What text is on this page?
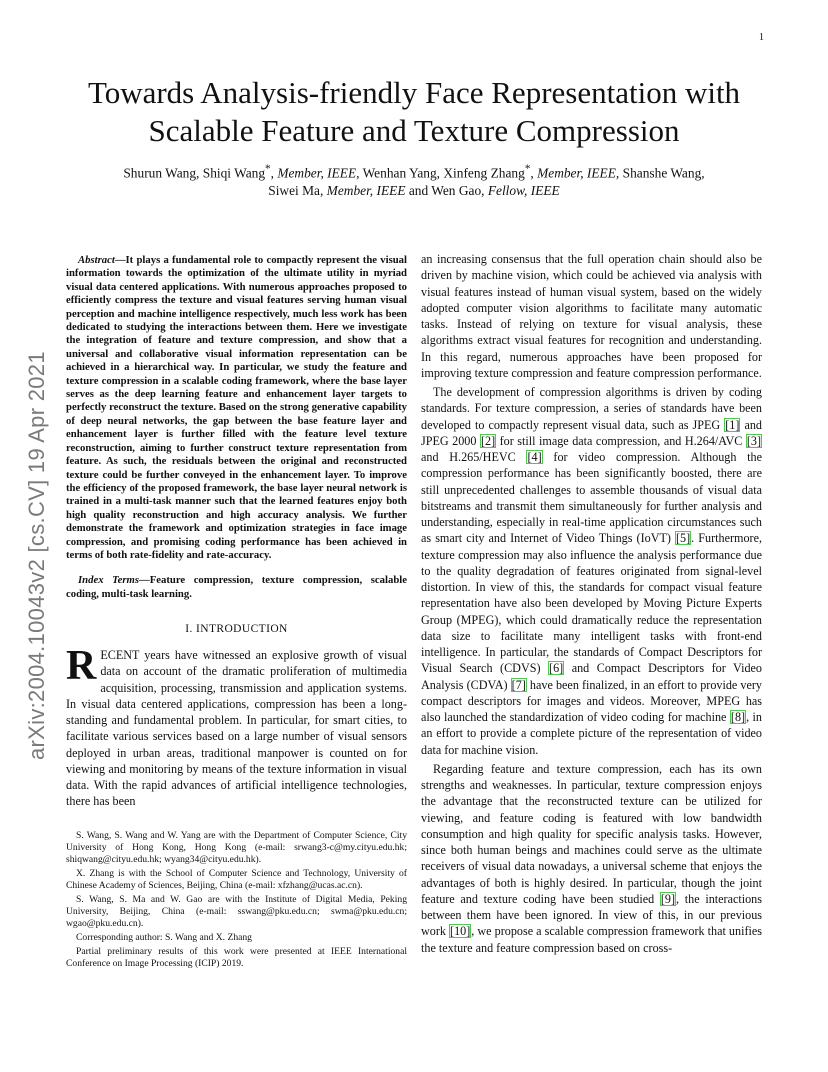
1
arXiv:2004.10043v2 [cs.CV] 19 Apr 2021
Towards Analysis-friendly Face Representation with
Scalable Feature and Texture Compression
Shurun Wang, Shiqi Wang*, Member, IEEE, Wenhan Yang, Xinfeng Zhang*, Member, IEEE, Shanshe Wang,
Siwei Ma, Member, IEEE and Wen Gao, Fellow, IEEE

Abstract—It plays a fundamental role to compactly represent the visual information towards the optimization of the ultimate utility in myriad visual data centered applications. With numerous approaches proposed to efficiently compress the texture and visual features serving human visual perception and machine intelligence respectively, much less work has been dedicated to studying the interactions between them. Here we investigate the integration of feature and texture compression, and show that a universal and collaborative visual information representation can be achieved in a hierarchical way. In particular, we study the feature and texture compression in a scalable coding framework, where the base layer serves as the deep learning feature and enhancement layer targets to perfectly reconstruct the texture. Based on the strong generative capability of deep neural networks, the gap between the base feature layer and enhancement layer is further filled with the feature level texture reconstruction, aiming to further construct texture representation from feature. As such, the residuals between the original and reconstructed texture could be further conveyed in the enhancement layer. To improve the efficiency of the proposed framework, the base layer neural network is trained in a multi-task manner such that the learned features enjoy both high quality reconstruction and high accuracy analysis. We further demonstrate the framework and optimization strategies in face image compression, and promising coding performance has been achieved in terms of both rate-fidelity and rate-accuracy.

Index Terms—Feature compression, texture compression, scalable coding, multi-task learning.

I. INTRODUCTION

RECENT years have witnessed an explosive growth of visual data on account of the dramatic proliferation of multimedia acquisition, processing, transmission and application systems. In visual data centered applications, compression has been a long-standing and fundamental problem. In particular, for smart cities, to facilitate various services based on a large number of visual sensors deployed in urban areas, traditional manpower is counted on for viewing and monitoring by means of the texture information in visual data. With the rapid advances of artificial intelligence technologies, there has been

S. Wang, S. Wang and W. Yang are with the Department of Computer Science, City University of Hong Kong, Hong Kong (e-mail: srwang3-c@my.cityu.edu.hk; shiqwang@cityu.edu.hk; wyang34@cityu.edu.hk).

X. Zhang is with the School of Computer Science and Technology, University of Chinese Academy of Sciences, Beijing, China (e-mail: xfzhang@ucas.ac.cn).

S. Wang, S. Ma and W. Gao are with the Institute of Digital Media, Peking University, Beijing, China (e-mail: sswang@pku.edu.cn; swma@pku.edu.cn; wgao@pku.edu.cn).

Corresponding author: S. Wang and X. Zhang

Partial preliminary results of this work were presented at IEEE International Conference on Image Processing (ICIP) 2019.

an increasing consensus that the full operation chain should also be driven by machine vision, which could be achieved via analysis with visual features instead of human visual system, based on the widely adopted computer vision algorithms to facilitate many automatic tasks. Instead of relying on texture for visual analysis, these algorithms extract visual features for recognition and understanding. In this regard, numerous approaches have been proposed for improving texture compression and feature compression performance.

The development of compression algorithms is driven by coding standards. For texture compression, a series of standards have been developed to compactly represent visual data, such as JPEG [1] and JPEG 2000 [2] for still image data compression, and H.264/AVC [3] and H.265/HEVC [4] for video compression. Although the compression performance has been significantly boosted, there are still unprecedented challenges to assemble thousands of visual data bitstreams and transmit them simultaneously for further analysis and understanding, especially in real-time application circumstances such as smart city and Internet of Video Things (IoVT) [5]. Furthermore, texture compression may also influence the analysis performance due to the quality degradation of features originated from signal-level distortion. In view of this, the standards for compact visual feature representation have also been developed by Moving Picture Experts Group (MPEG), which could dramatically reduce the representation data size to facilitate many intelligent tasks with front-end intelligence. In particular, the standards of Compact Descriptors for Visual Search (CDVS) [6] and Compact Descriptors for Video Analysis (CDVA) [7] have been finalized, in an effort to provide very compact descriptors for images and videos. Moreover, MPEG has also launched the standardization of video coding for machine [8], in an effort to provide a complete picture of the representation of video data for machine vision.

Regarding feature and texture compression, each has its own strengths and weaknesses. In particular, texture compression enjoys the advantage that the reconstructed texture can be utilized for viewing, and feature coding is featured with low bandwidth consumption and high quality for specific analysis tasks. However, since both human beings and machines could serve as the ultimate receivers of visual data nowadays, a universal scheme that enjoys the advantages of both is highly desired. In particular, though the joint feature and texture coding have been studied [9], the interactions between them have been ignored. In view of this, in our previous work [10], we propose a scalable compression framework that unifies the texture and feature compression based on cross-
